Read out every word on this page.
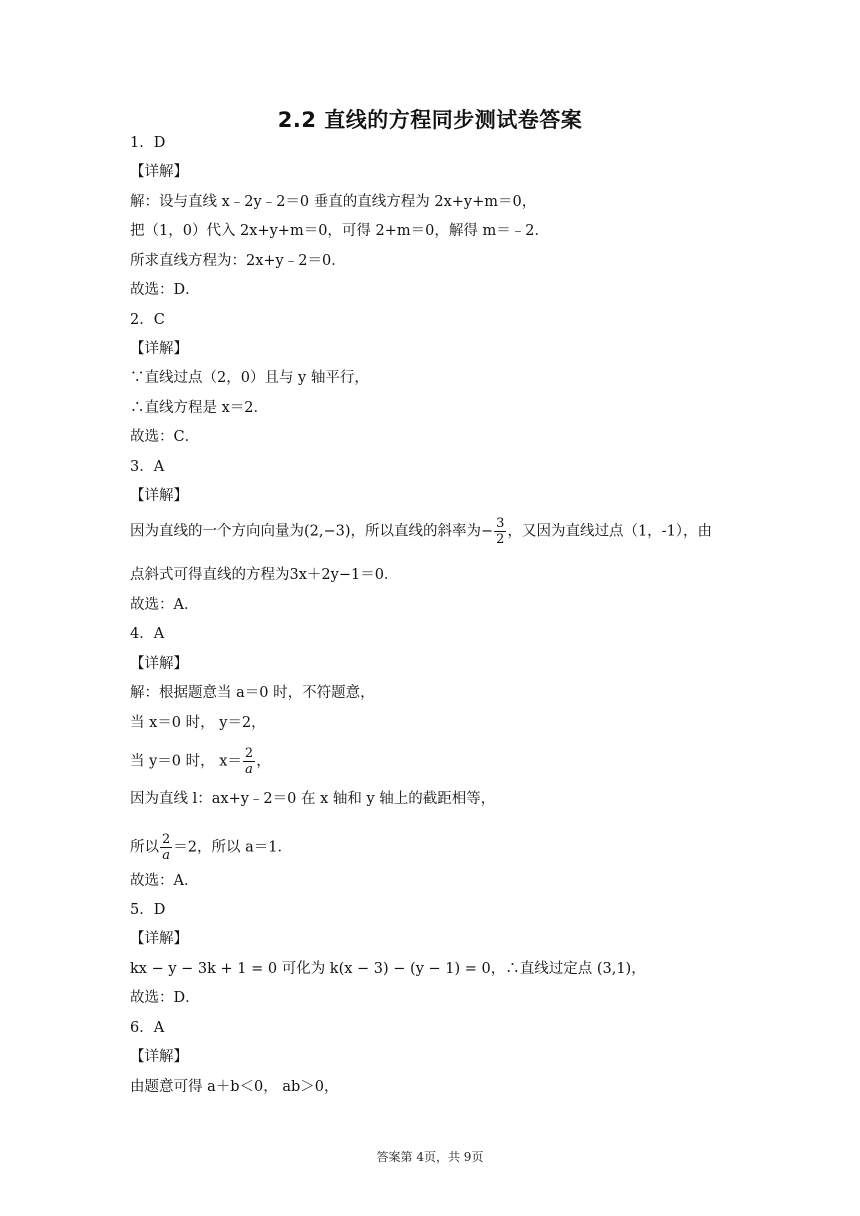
2.2 直线的方程同步测试卷答案
1．D
【详解】
解：设与直线 x﹣2y﹣2＝0 垂直的直线方程为 2x+y+m＝0，
把（1，0）代入 2x+y+m＝0，可得 2+m＝0，解得 m＝﹣2．
所求直线方程为：2x+y﹣2＝0．
故选：D．
2．C
【详解】
∵直线过点（2，0）且与 y 轴平行，
∴直线方程是 x＝2．
故选：C．
3．A
【详解】
因为直线的一个方向向量为(2,−3)，所以直线的斜率为− $\frac{3}{2}$ ，又因为直线过点（1，-1），由
点斜式可得直线的方程为3x＋2y−1＝0．
故选：A．
4．A
【详解】
解：根据题意当 a＝0 时，不符题意，
当 x＝0 时， y＝2，
当 y＝0 时， $x= \frac{2}{a}$ ，
因为直线 l：ax+y﹣2＝0 在 x 轴和 y 轴上的截距相等，
所以 $\frac{2}{a} =2$，所以 a＝1．
故选：A．
5．D
【详解】
kx − y − 3k + 1 = 0 可化为 k(x − 3) − (y − 1) = 0，∴直线过定点 (3,1)，
故选：D．
6．A
【详解】
由题意可得 a＋b＜0， ab＞0，
答案第 4页，共 9页
